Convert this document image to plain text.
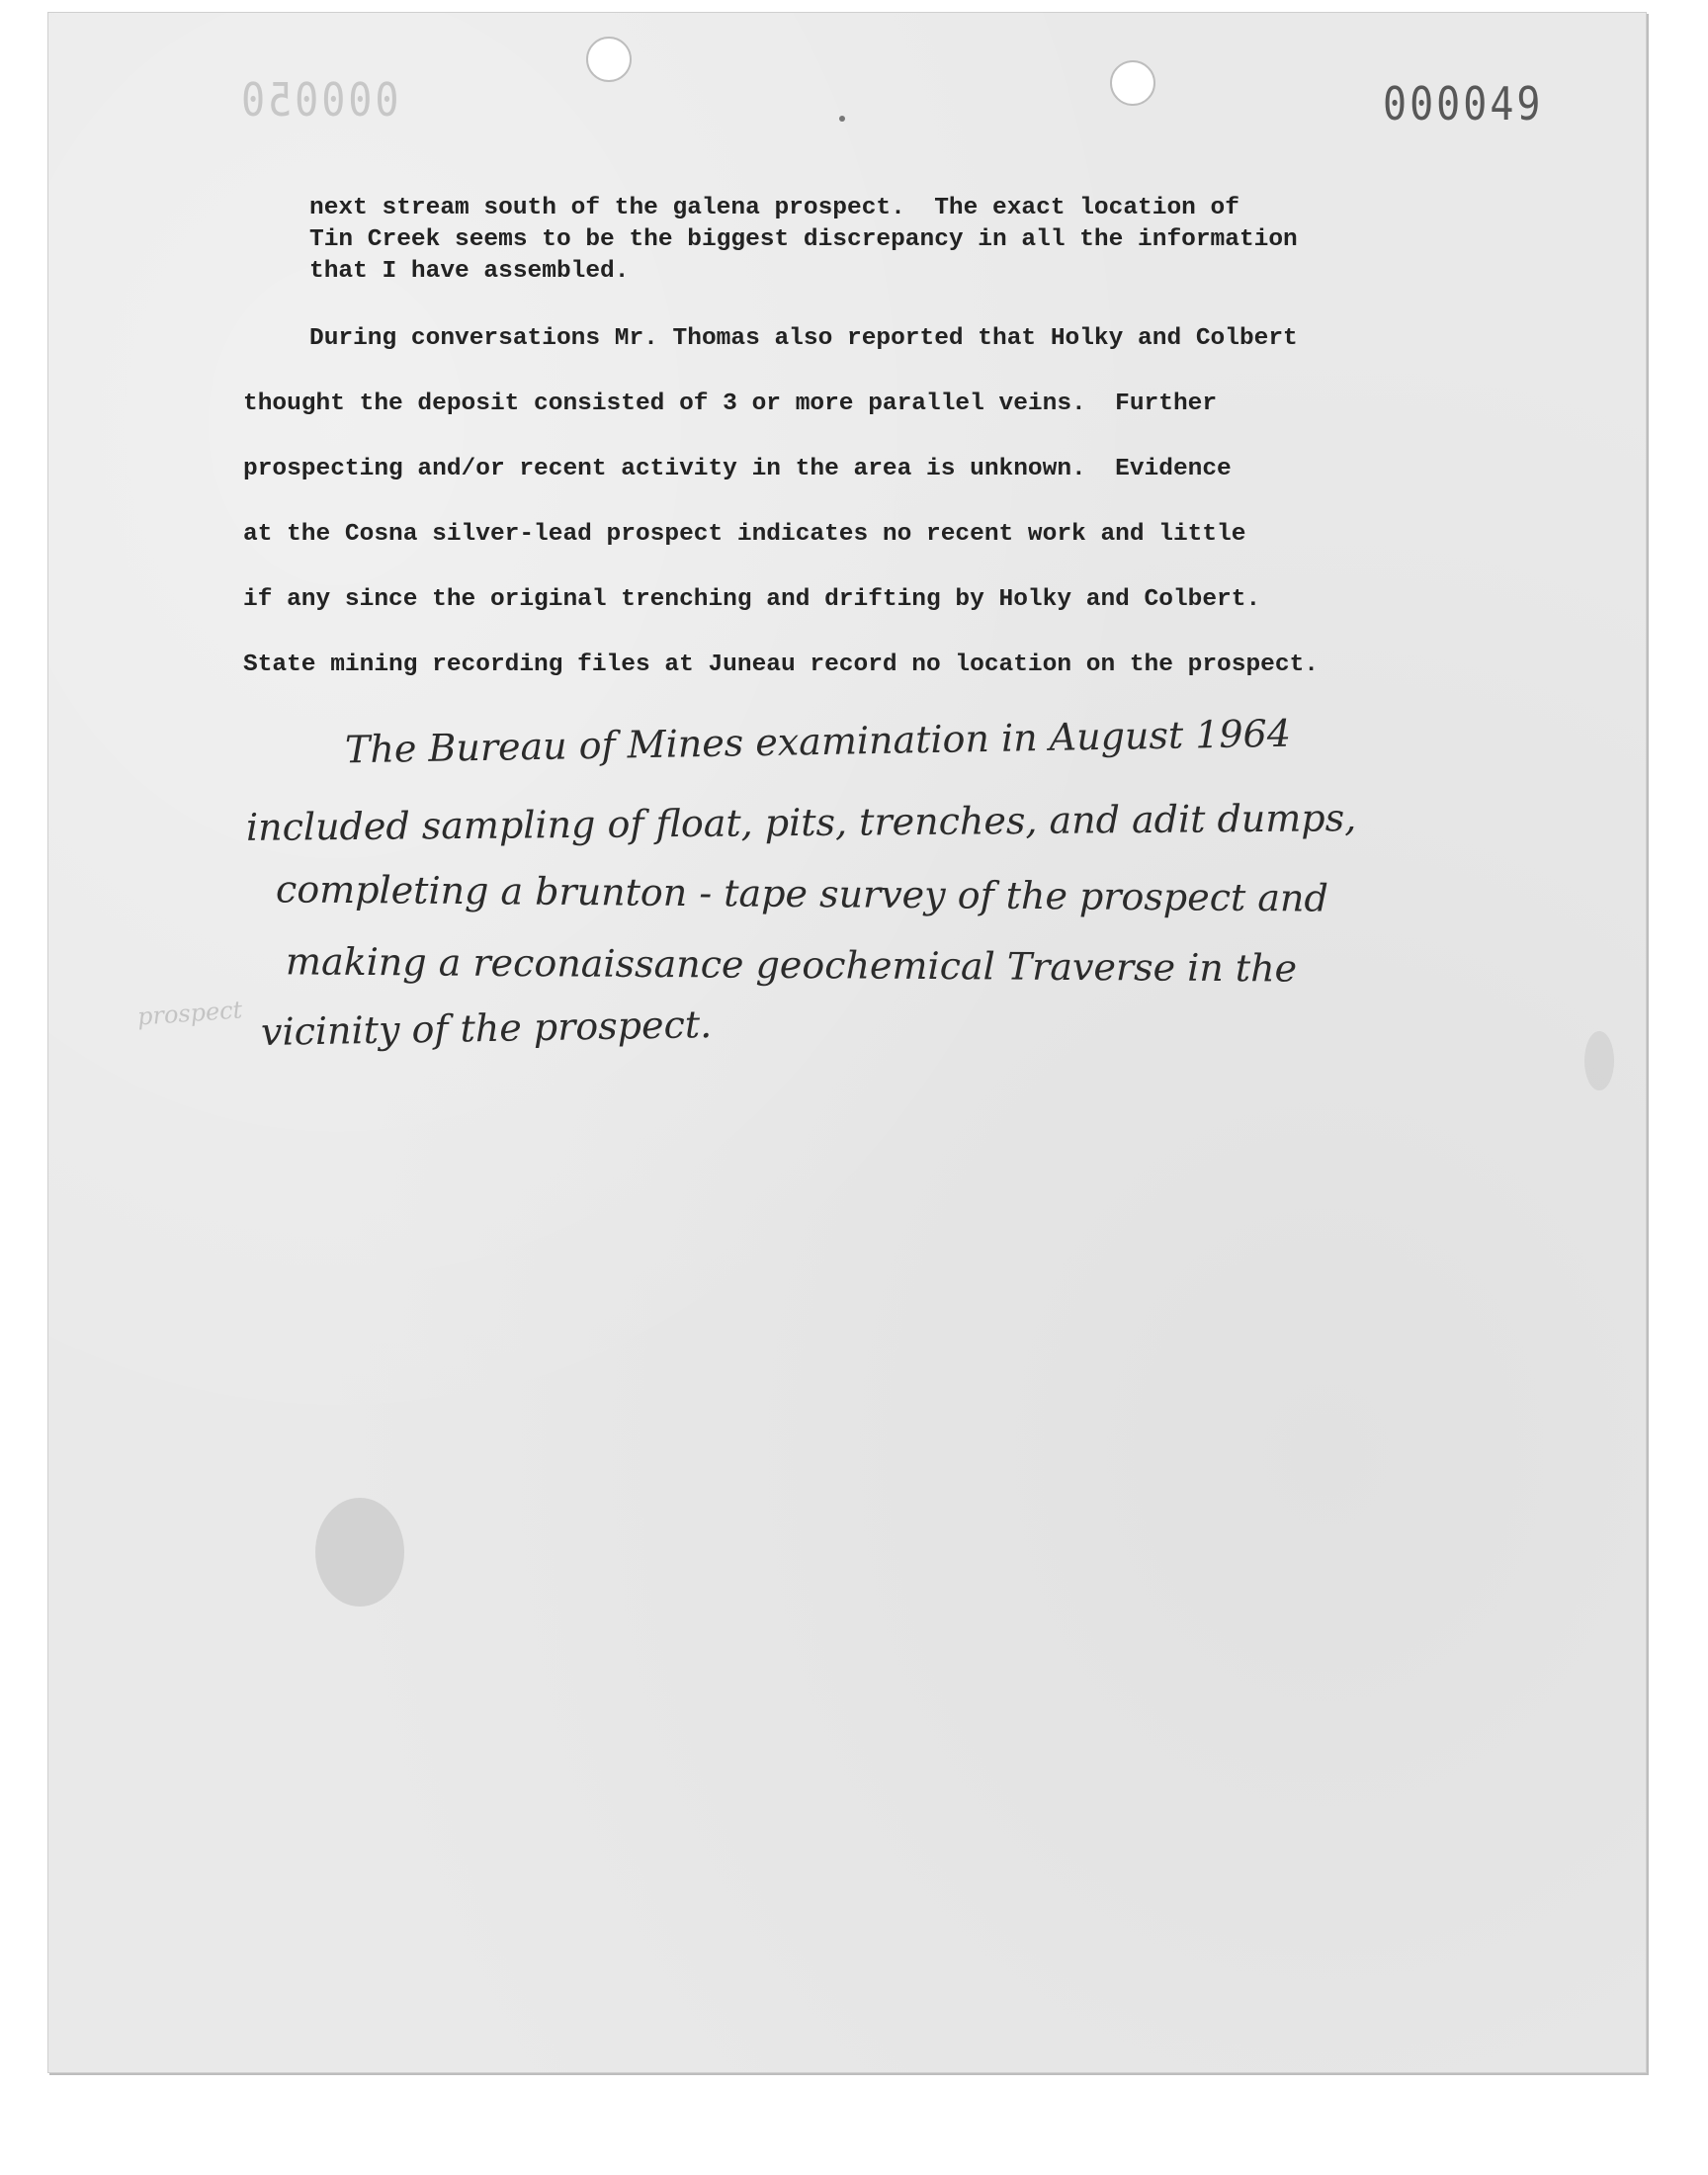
000050	000049
next stream south of the galena prospect.  The exact location of
Tin Creek seems to be the biggest discrepancy in all the information
that I have assembled.
During conversations Mr. Thomas also reported that Holky and Colbert
thought the deposit consisted of 3 or more parallel veins.  Further
prospecting and/or recent activity in the area is unknown.  Evidence
at the Cosna silver-lead prospect indicates no recent work and little
if any since the original trenching and drifting by Holky and Colbert.
State mining recording files at Juneau record no location on the prospect.
The Bureau of Mines examination in August 1964
included sampling of float, pits, trenches, and adit dumps,
completing a brunton - tape survey of the prospect and
making a reconaissance geochemical Traverse in the
vicinity of the prospect.
prospect
